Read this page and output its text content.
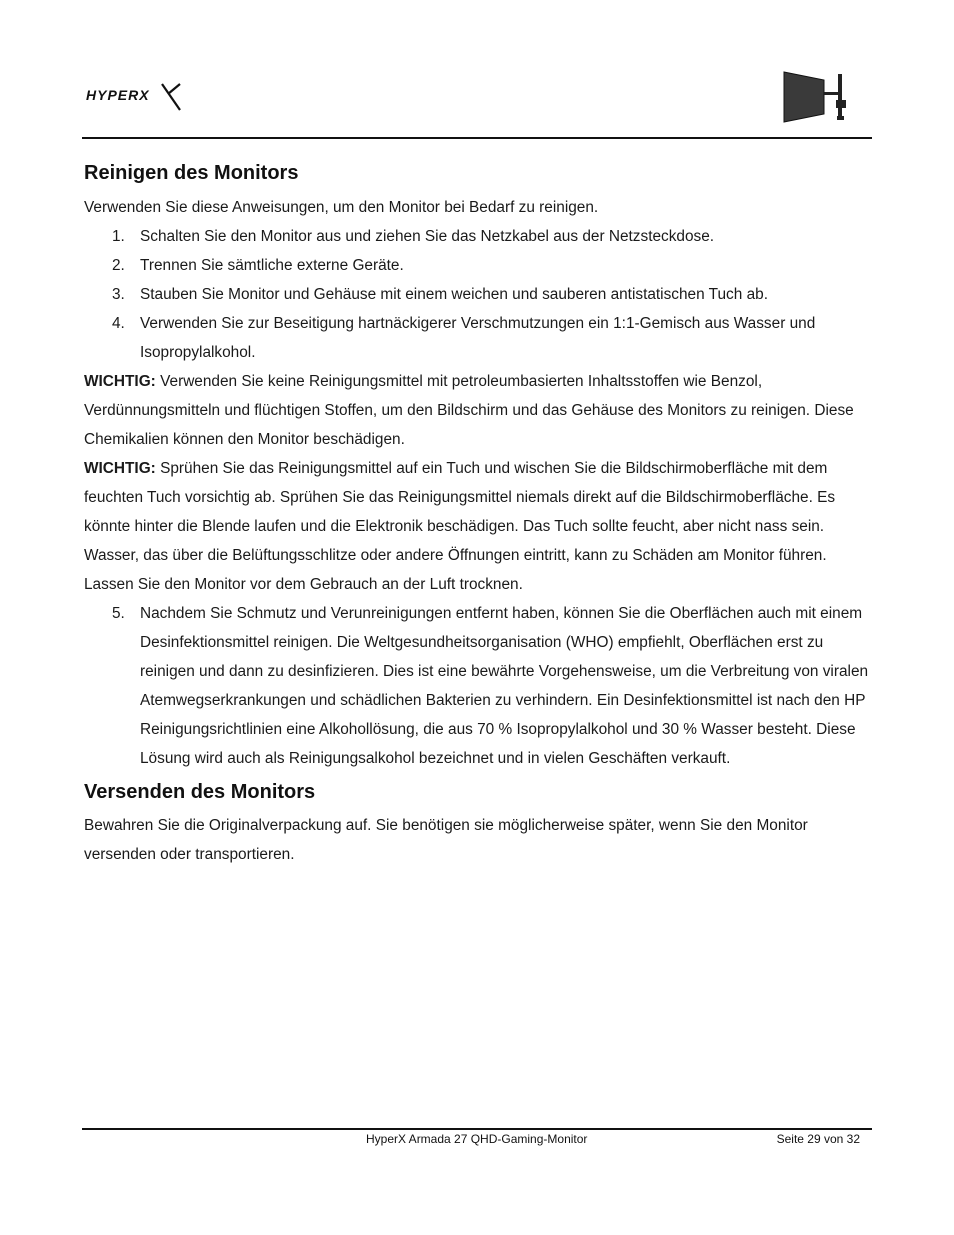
HYPERX
Reinigen des Monitors

Verwenden Sie diese Anweisungen, um den Monitor bei Bedarf zu reinigen.

1. Schalten Sie den Monitor aus und ziehen Sie das Netzkabel aus der Netzsteckdose.
2. Trennen Sie sämtliche externe Geräte.
3. Stauben Sie Monitor und Gehäuse mit einem weichen und sauberen antistatischen Tuch ab.
4. Verwenden Sie zur Beseitigung hartnäckigerer Verschmutzungen ein 1:1-Gemisch aus Wasser und Isopropylalkohol.

WICHTIG: Verwenden Sie keine Reinigungsmittel mit petroleumbasierten Inhaltsstoffen wie Benzol, Verdünnungsmitteln und flüchtigen Stoffen, um den Bildschirm und das Gehäuse des Monitors zu reinigen. Diese Chemikalien können den Monitor beschädigen.

WICHTIG: Sprühen Sie das Reinigungsmittel auf ein Tuch und wischen Sie die Bildschirmoberfläche mit dem feuchten Tuch vorsichtig ab. Sprühen Sie das Reinigungsmittel niemals direkt auf die Bildschirmoberfläche. Es könnte hinter die Blende laufen und die Elektronik beschädigen. Das Tuch sollte feucht, aber nicht nass sein. Wasser, das über die Belüftungsschlitze oder andere Öffnungen eintritt, kann zu Schäden am Monitor führen. Lassen Sie den Monitor vor dem Gebrauch an der Luft trocknen.

5. Nachdem Sie Schmutz und Verunreinigungen entfernt haben, können Sie die Oberflächen auch mit einem Desinfektionsmittel reinigen. Die Weltgesundheitsorganisation (WHO) empfiehlt, Oberflächen erst zu reinigen und dann zu desinfizieren. Dies ist eine bewährte Vorgehensweise, um die Verbreitung von viralen Atemwegserkrankungen und schädlichen Bakterien zu verhindern. Ein Desinfektionsmittel ist nach den HP Reinigungsrichtlinien eine Alkohollösung, die aus 70 % Isopropylalkohol und 30 % Wasser besteht. Diese Lösung wird auch als Reinigungsalkohol bezeichnet und in vielen Geschäften verkauft.
Versenden des Monitors

Bewahren Sie die Originalverpackung auf. Sie benötigen sie möglicherweise später, wenn Sie den Monitor versenden oder transportieren.

HyperX Armada 27 QHD-Gaming-Monitor	Seite 29 von 32
